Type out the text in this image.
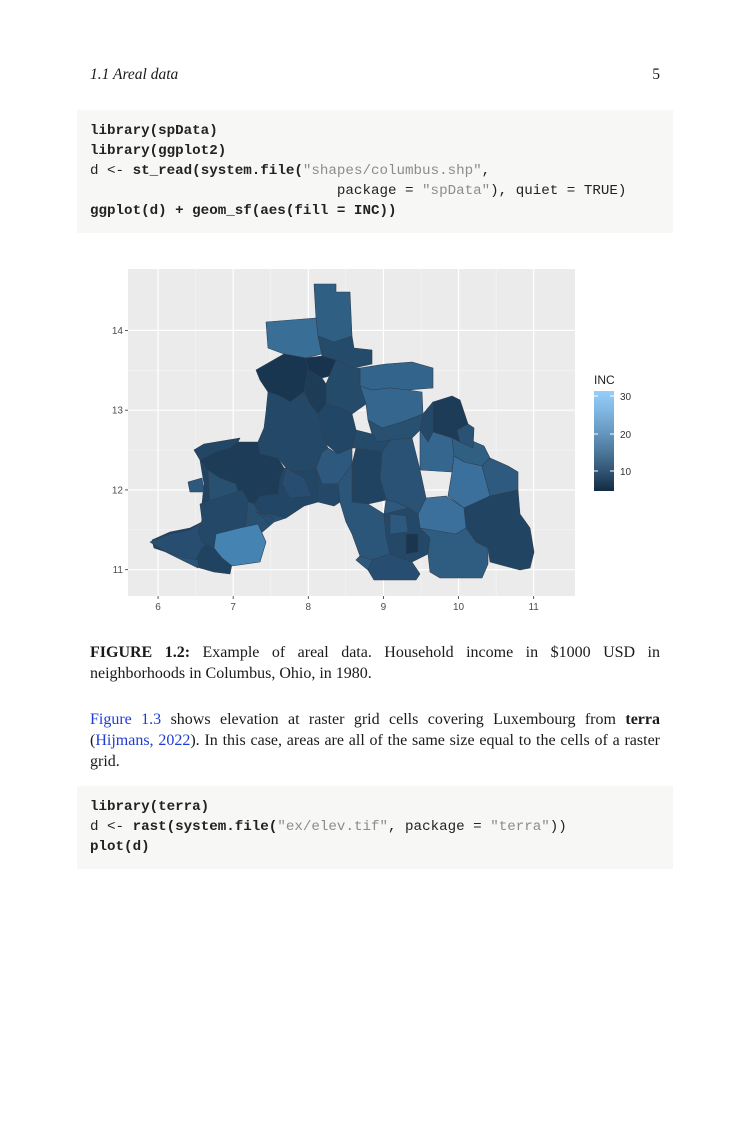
1.1 Areal data	5
library(spData)
library(ggplot2)
d <- st_read(system.file("shapes/columbus.shp",
package = "spData"), quiet = TRUE)
ggplot(d) + geom_sf(aes(fill = INC))
6	7	8	9	10	11
11
12
13
14
INC
30
20
10
FIGURE 1.2: Example of areal data. Household income in $1000 USD in neighborhoods in Columbus, Ohio, in 1980.
Figure 1.3 shows elevation at raster grid cells covering Luxembourg from terra (Hijmans, 2022). In this case, areas are all of the same size equal to the cells of a raster grid.
library(terra)
d <- rast(system.file("ex/elev.tif", package = "terra"))
plot(d)
